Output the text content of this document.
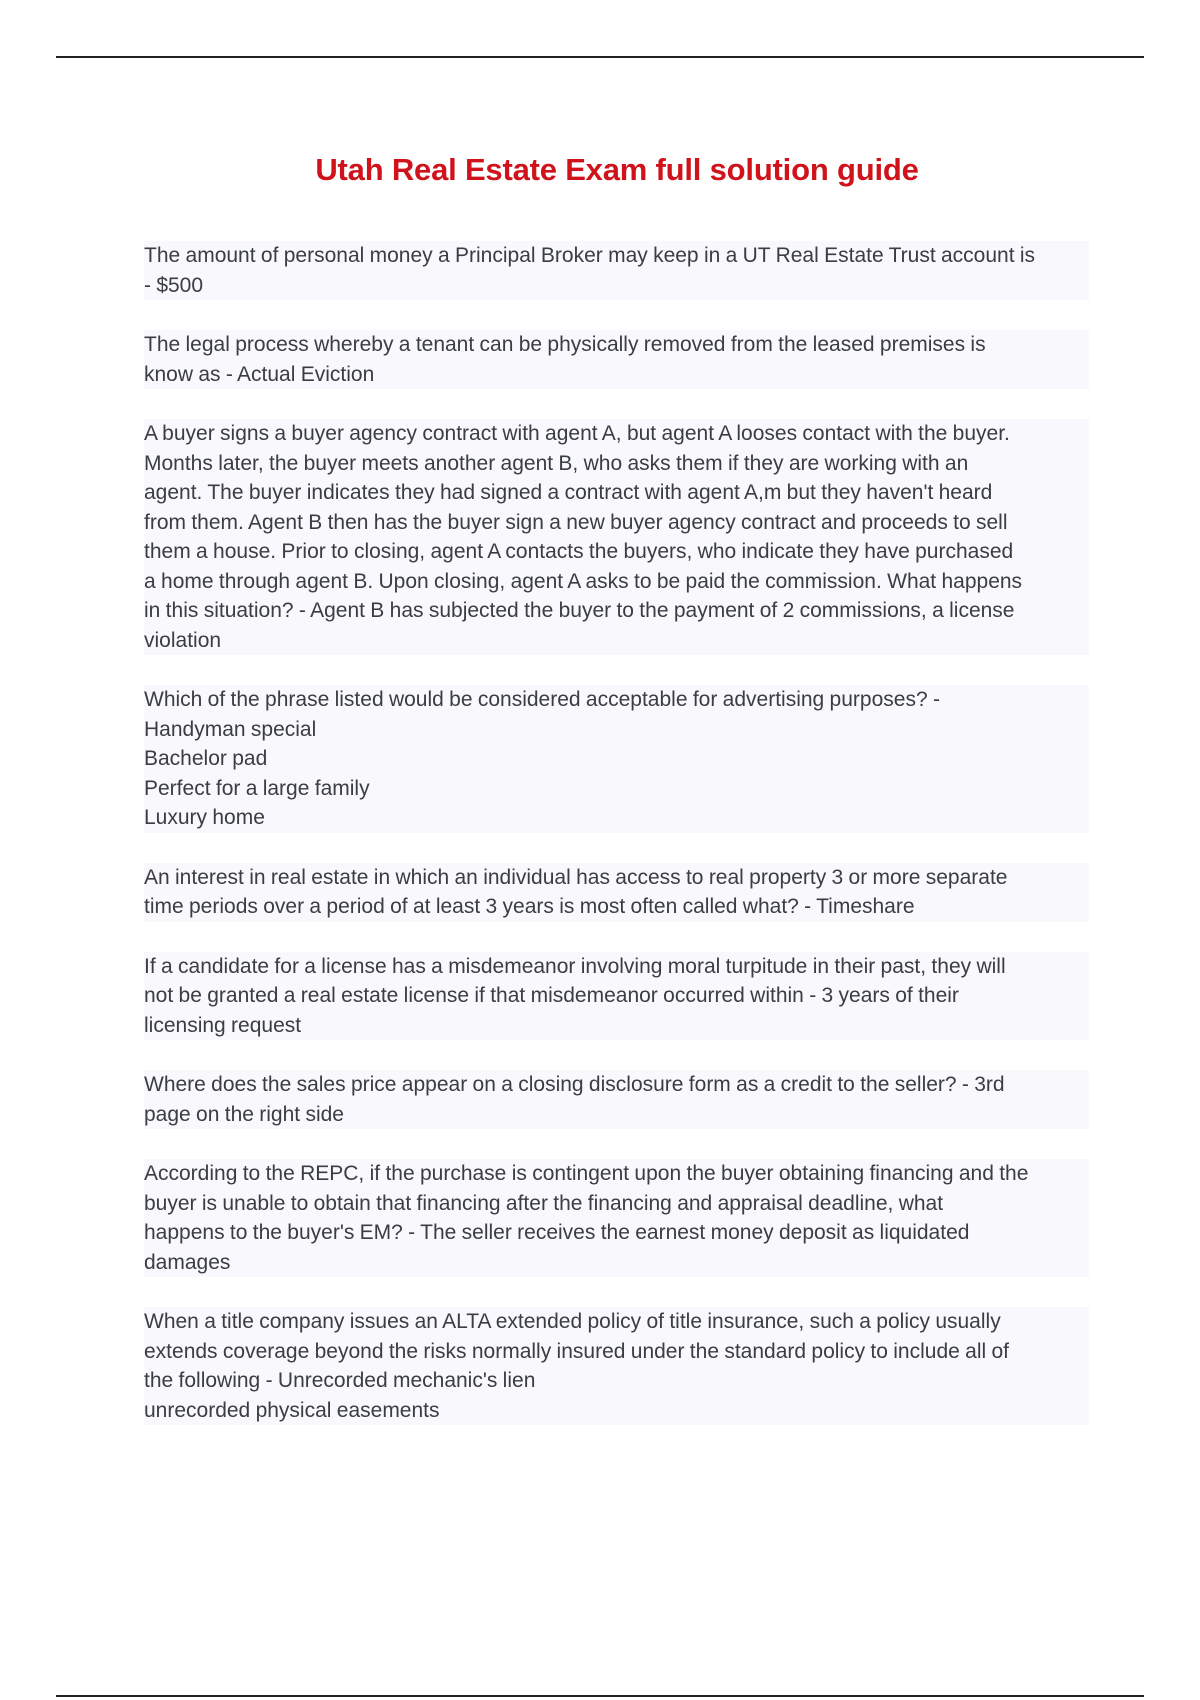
Utah Real Estate Exam full solution guide
The amount of personal money a Principal Broker may keep in a UT Real Estate Trust account is
- $500
The legal process whereby a tenant can be physically removed from the leased premises is
know as - Actual Eviction
A buyer signs a buyer agency contract with agent A, but agent A looses contact with the buyer.
Months later, the buyer meets another agent B, who asks them if they are working with an
agent. The buyer indicates they had signed a contract with agent A,m but they haven't heard
from them. Agent B then has the buyer sign a new buyer agency contract and proceeds to sell
them a house. Prior to closing, agent A contacts the buyers, who indicate they have purchased
a home through agent B. Upon closing, agent A asks to be paid the commission. What happens
in this situation? - Agent B has subjected the buyer to the payment of 2 commissions, a license
violation
Which of the phrase listed would be considered acceptable for advertising purposes? -
Handyman special
Bachelor pad
Perfect for a large family
Luxury home
An interest in real estate in which an individual has access to real property 3 or more separate
time periods over a period of at least 3 years is most often called what? - Timeshare
If a candidate for a license has a misdemeanor involving moral turpitude in their past, they will
not be granted a real estate license if that misdemeanor occurred within - 3 years of their
licensing request
Where does the sales price appear on a closing disclosure form as a credit to the seller? - 3rd
page on the right side
According to the REPC, if the purchase is contingent upon the buyer obtaining financing and the
buyer is unable to obtain that financing after the financing and appraisal deadline, what
happens to the buyer's EM? - The seller receives the earnest money deposit as liquidated
damages
When a title company issues an ALTA extended policy of title insurance, such a policy usually
extends coverage beyond the risks normally insured under the standard policy to include all of
the following - Unrecorded mechanic's lien
unrecorded physical easements
